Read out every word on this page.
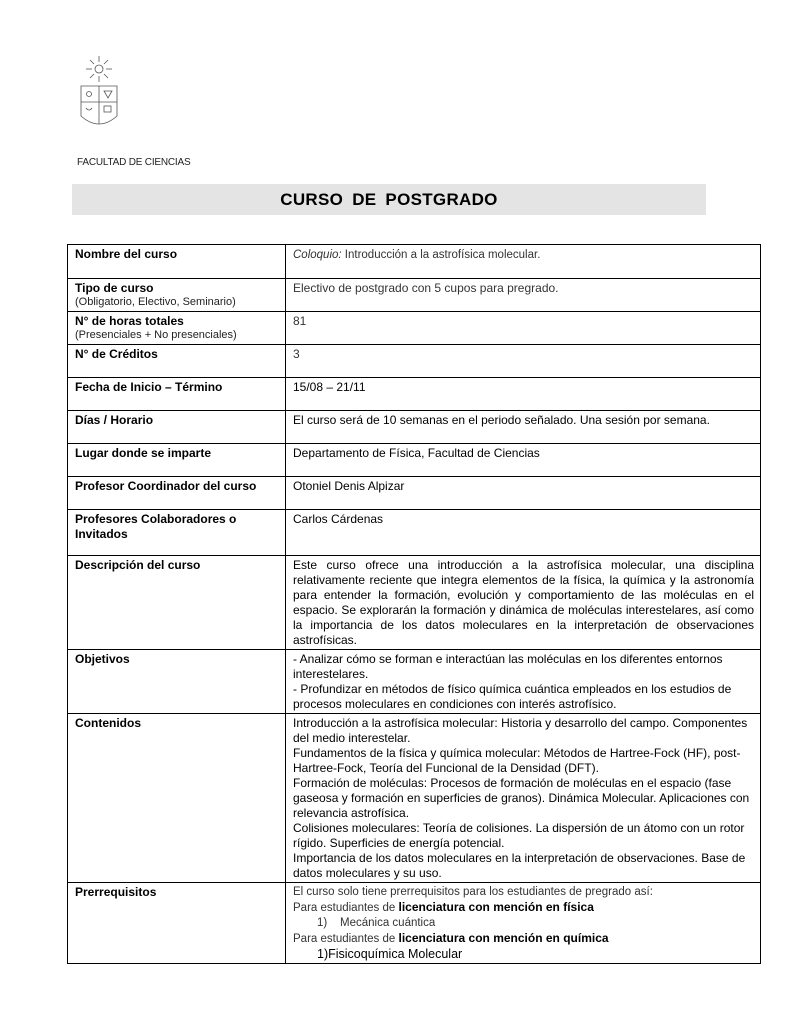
FACULTAD DE CIENCIAS
CURSO DE POSTGRADO
Nombre del curso	Coloquio: Introducción a la astrofísica molecular.
Tipo de curso
(Obligatorio, Electivo, Seminario)	Electivo de postgrado con 5 cupos para pregrado.
N° de horas totales
(Presenciales + No presenciales)	81
N° de Créditos	3
Fecha de Inicio – Término	15/08 – 21/11
Días / Horario	El curso será de 10 semanas en el periodo señalado. Una sesión por semana.
Lugar donde se imparte	Departamento de Física, Facultad de Ciencias
Profesor Coordinador del curso	Otoniel Denis Alpizar
Profesores Colaboradores o Invitados	Carlos Cárdenas
Descripción del curso	Este curso ofrece una introducción a la astrofísica molecular, una disciplina relativamente reciente que integra elementos de la física, la química y la astronomía para entender la formación, evolución y comportamiento de las moléculas en el espacio. Se explorarán la formación y dinámica de moléculas interestelares, así como la importancia de los datos moleculares en la interpretación de observaciones astrofísicas.
Objetivos	- Analizar cómo se forman e interactúan las moléculas en los diferentes entornos interestelares.
- Profundizar en métodos de físico química cuántica empleados en los estudios de procesos moleculares en condiciones con interés astrofísico.

Contenidos	Introducción a la astrofísica molecular: Historia y desarrollo del campo. Componentes del medio interestelar.
Fundamentos de la física y química molecular: Métodos de Hartree-Fock (HF), post-Hartree-Fock, Teoría del Funcional de la Densidad (DFT).
Formación de moléculas: Procesos de formación de moléculas en el espacio (fase gaseosa y formación en superficies de granos). Dinámica Molecular. Aplicaciones con relevancia astrofísica.
Colisiones moleculares: Teoría de colisiones. La dispersión de un átomo con un rotor rígido. Superficies de energía potencial.
Importancia de los datos moleculares en la interpretación de observaciones. Base de datos moleculares y su uso.

Prerrequisitos	El curso solo tiene prerrequisitos para los estudiantes de pregrado así:
Para estudiantes de licenciatura con mención en física
1)    Mecánica cuántica
Para estudiantes de licenciatura con mención en química
1)Fisicoquímica Molecular
